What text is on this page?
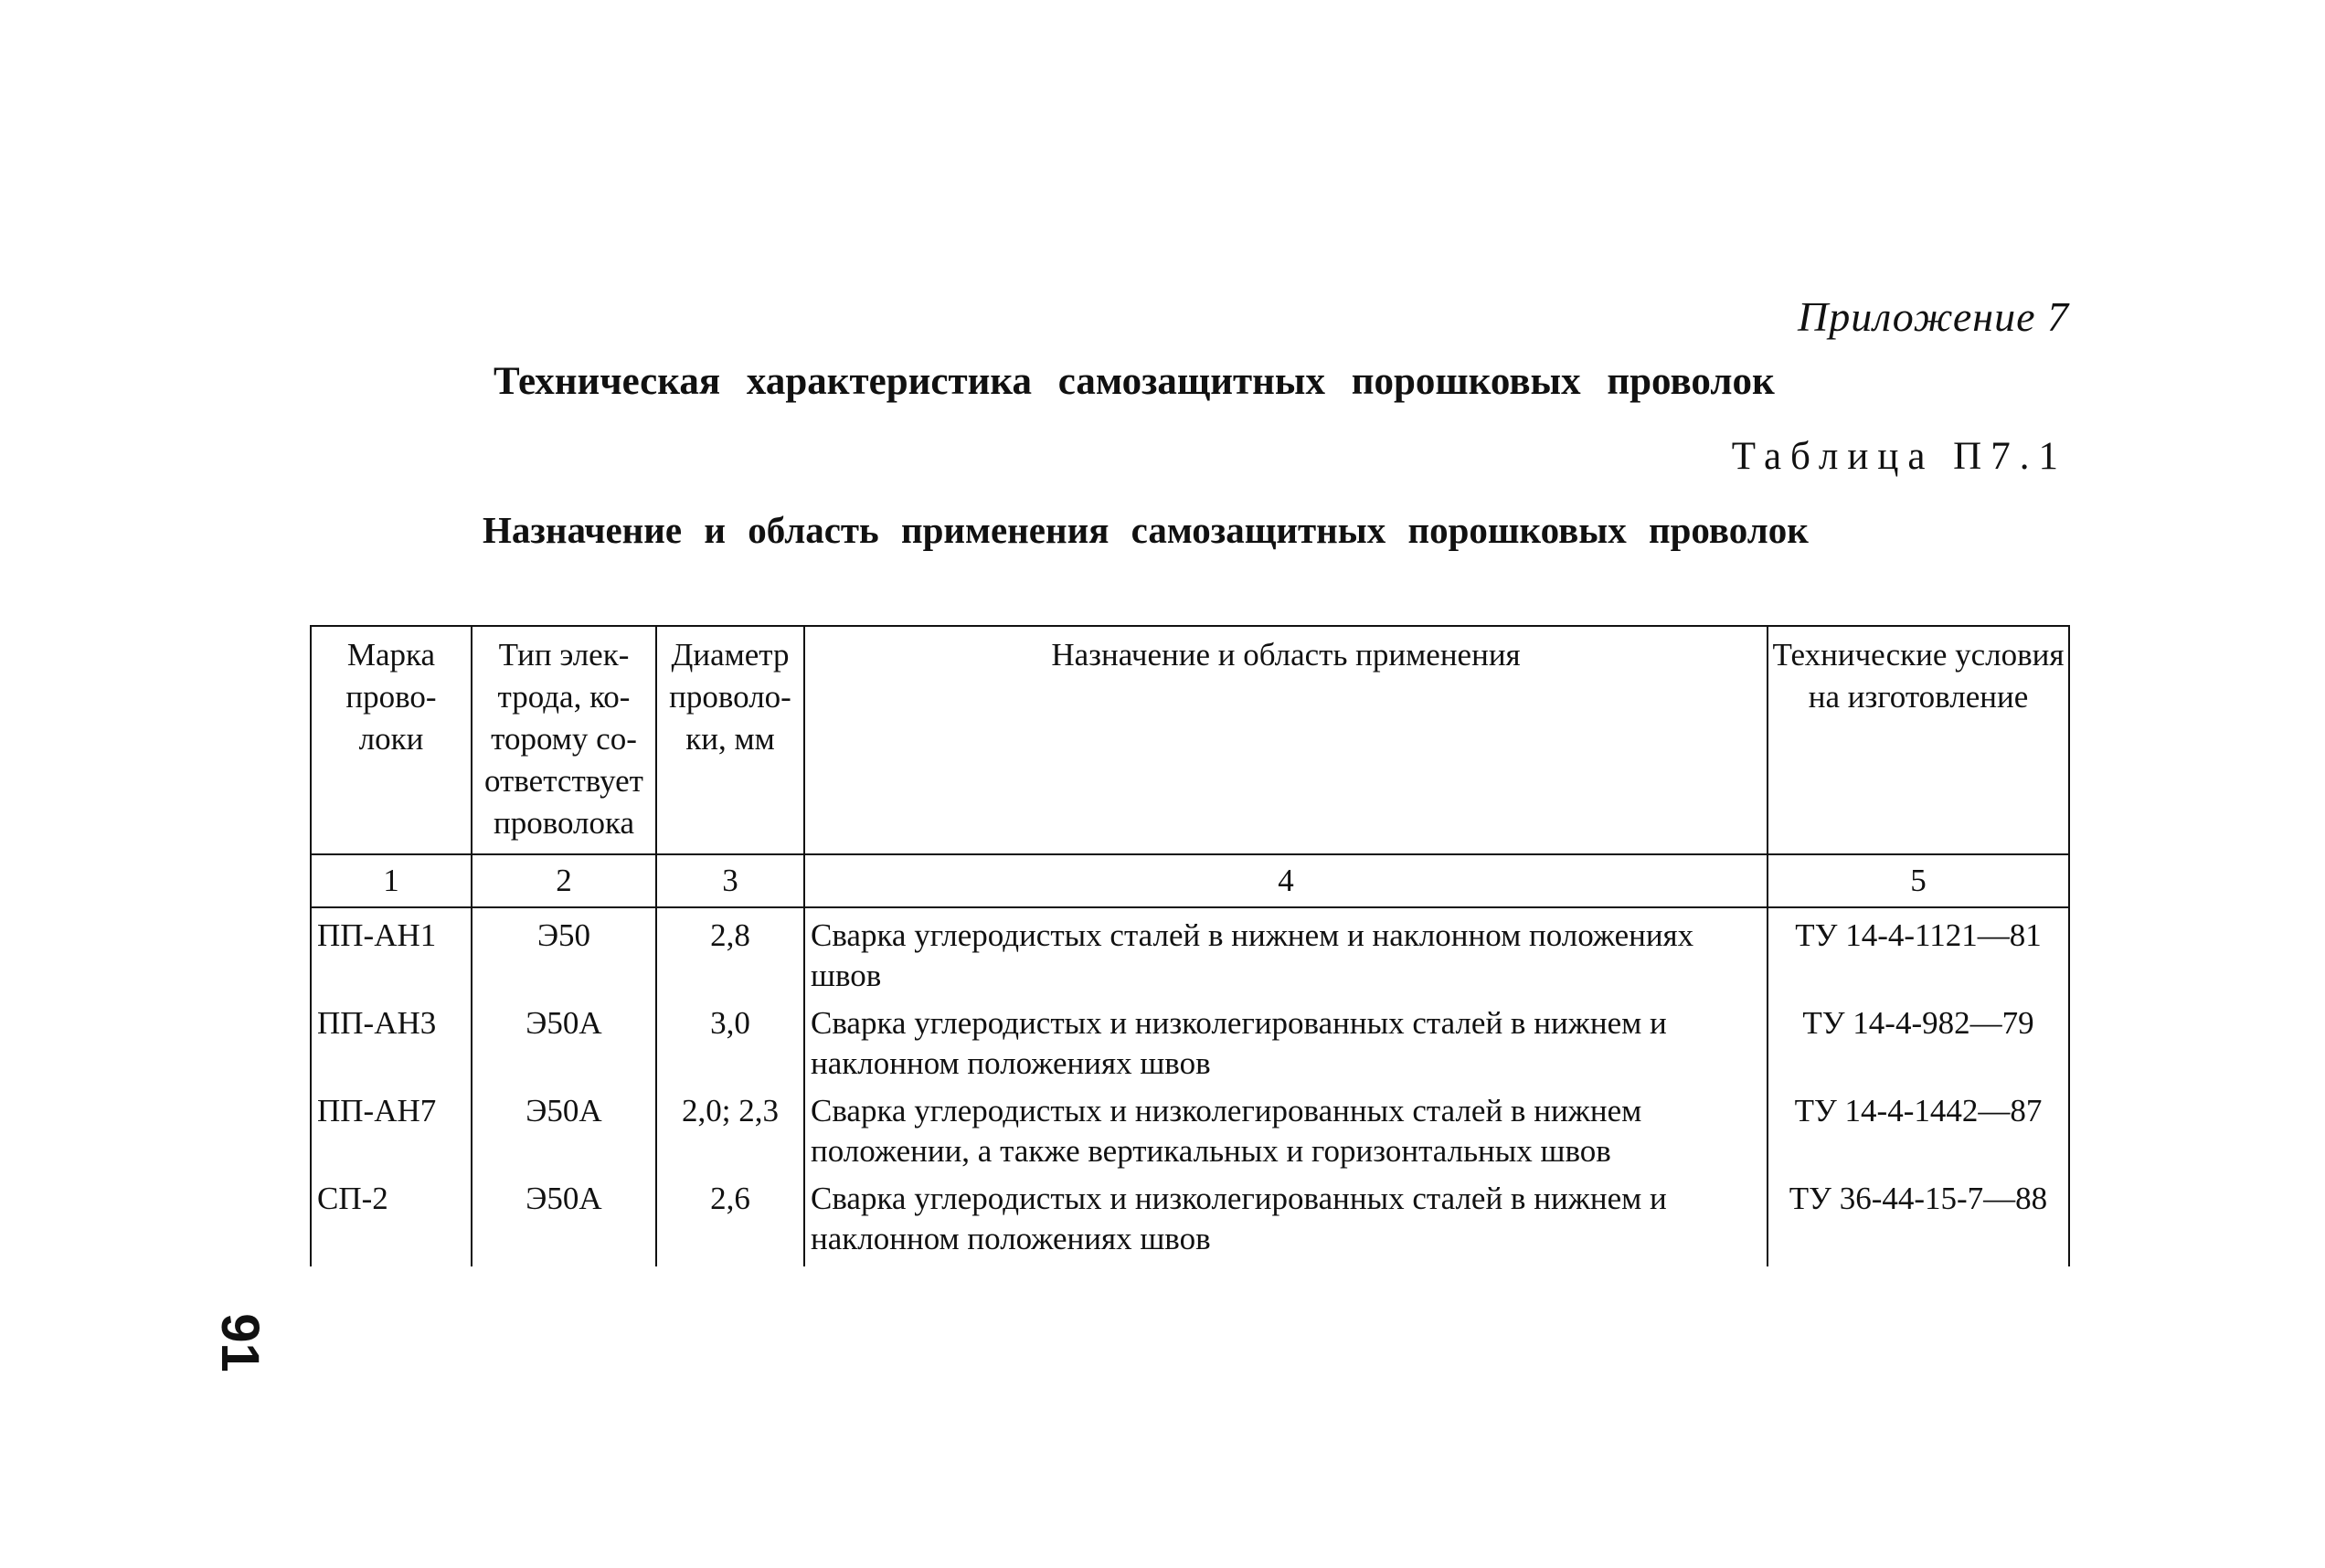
Приложение 7
Техническая характеристика самозащитных порошковых проволок
Таблица П7.1
Назначение и область применения самозащитных порошковых проволок
Марка прово- локи	Тип элек- трода, ко- торому со- ответствует проволока	Диаметр проволо- ки, мм	Назначение и область применения	Технические условия на изготовление
1	2	3	4	5
ПП-АН1	Э50	2,8	Сварка углеродистых сталей в нижнем и наклонном положениях швов	ТУ 14-4-1121—81
ПП-АН3	Э50А	3,0	Сварка углеродистых и низколегированных сталей в нижнем и наклонном положениях швов	ТУ 14-4-982—79
ПП-АН7	Э50А	2,0; 2,3	Сварка углеродистых и низколегированных сталей в нижнем положении, а также вертикальных и горизонтальных швов	ТУ 14-4-1442—87
СП-2	Э50А	2,6	Сварка углеродистых и низколегированных сталей в нижнем и наклонном положениях швов	ТУ 36-44-15-7—88
91
